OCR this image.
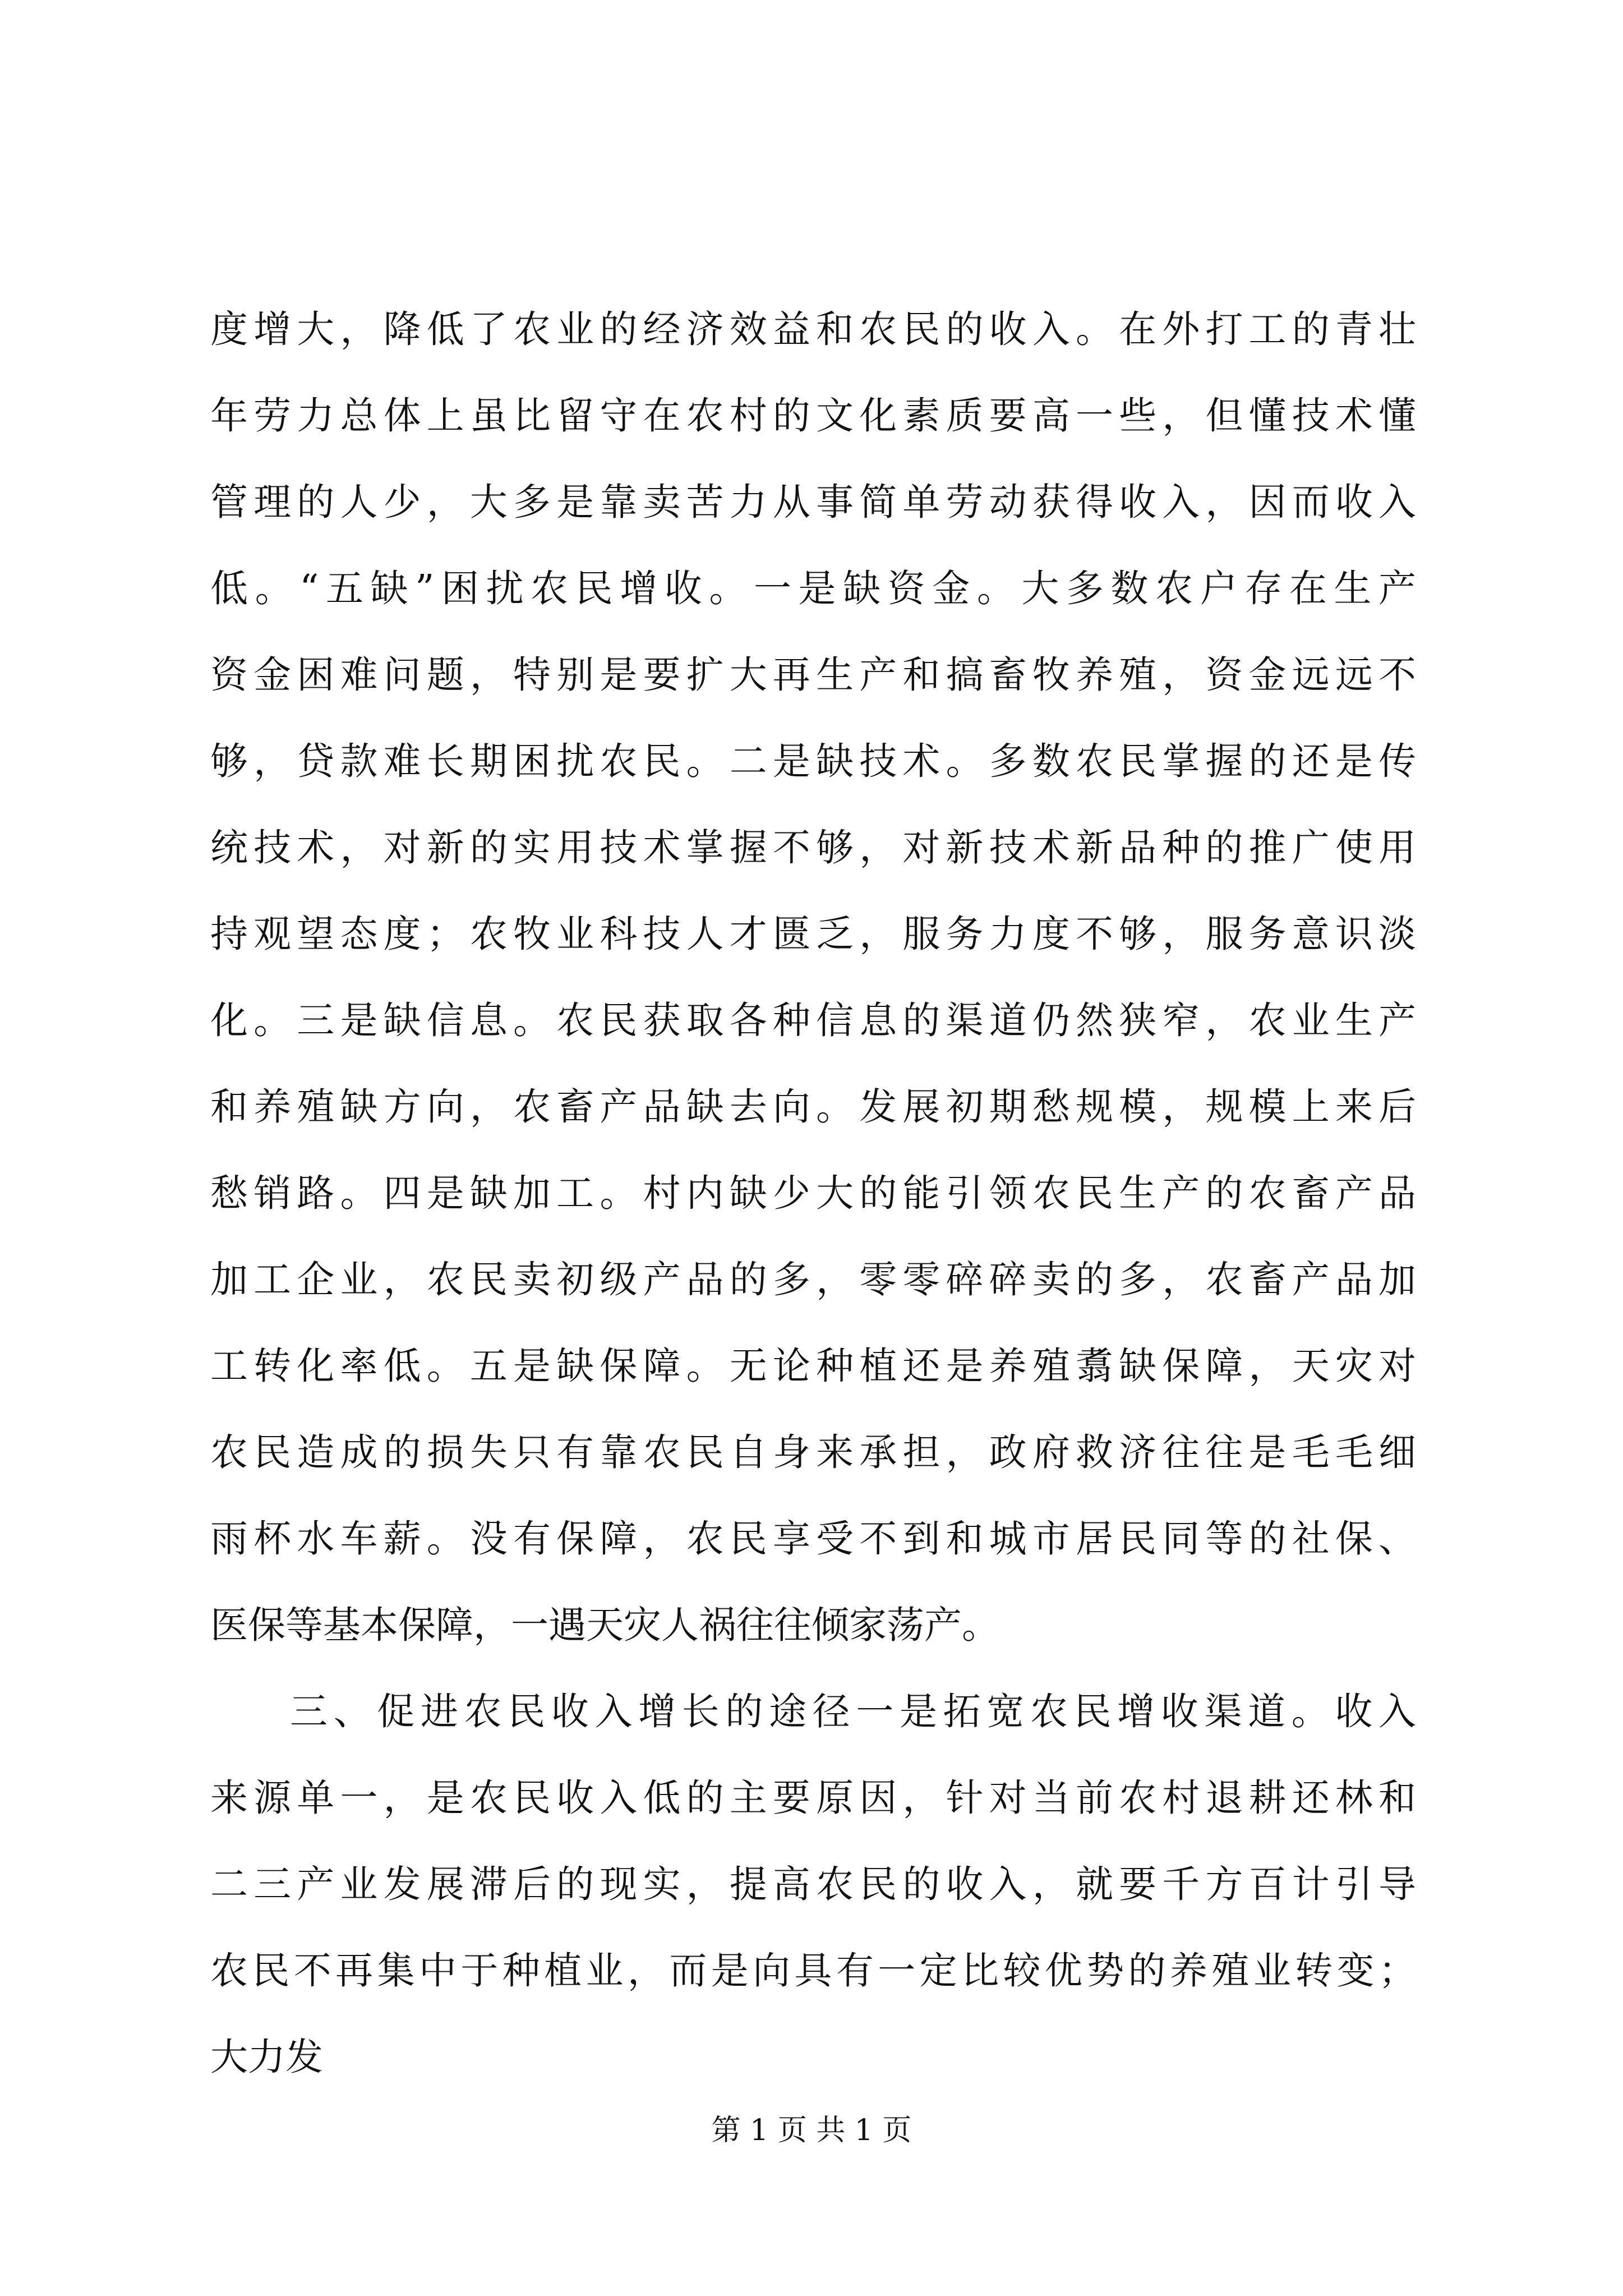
度增大，降低了农业的经济效益和农民的收入。在外打工的青壮
年劳力总体上虽比留守在农村的文化素质要高一些，但懂技术懂
管理的人少，大多是靠卖苦力从事简单劳动获得收入，因而收入
低。“五缺”困扰农民增收。一是缺资金。大多数农户存在生产
资金困难问题，特别是要扩大再生产和搞畜牧养殖，资金远远不
够，贷款难长期困扰农民。二是缺技术。多数农民掌握的还是传
统技术，对新的实用技术掌握不够，对新技术新品种的推广使用
持观望态度；农牧业科技人才匮乏，服务力度不够，服务意识淡
化。三是缺信息。农民获取各种信息的渠道仍然狭窄，农业生产
和养殖缺方向，农畜产品缺去向。发展初期愁规模，规模上来后
愁销路。四是缺加工。村内缺少大的能引领农民生产的农畜产品
加工企业，农民卖初级产品的多，零零碎碎卖的多，农畜产品加
工转化率低。五是缺保障。无论种植还是养殖翥缺保障，天灾对
农民造成的损失只有靠农民自身来承担，政府救济往往是毛毛细
雨杯水车薪。没有保障，农民享受不到和城市居民同等的社保、
医保等基本保障，一遇天灾人祸往往倾家荡产。
三、促进农民收入增长的途径一是拓宽农民增收渠道。收入
来源单一，是农民收入低的主要原因，针对当前农村退耕还林和
二三产业发展滞后的现实，提高农民的收入，就要千方百计引导
农民不再集中于种植业，而是向具有一定比较优势的养殖业转变；
大力发
第 1 页 共 1 页
